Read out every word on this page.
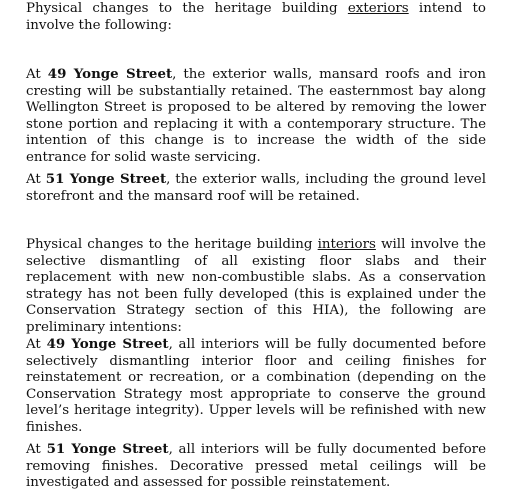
Physical changes to the heritage building exteriors intend to involve the following:

At 49 Yonge Street, the exterior walls, mansard roofs and iron cresting will be substantially retained. The easternmost bay along Wellington Street is proposed to be altered by removing the lower stone portion and replacing it with a contemporary structure. The intention of this change is to increase the width of the side entrance for solid waste servicing.

At 51 Yonge Street, the exterior walls, including the ground level storefront and the mansard roof will be retained.

Physical changes to the heritage building interiors will involve the selective dismantling of all existing floor slabs and their replacement with new non-combustible slabs. As a conservation strategy has not been fully developed (this is explained under the Conservation Strategy section of this HIA), the following are preliminary intentions:

At 49 Yonge Street, all interiors will be fully documented before selectively dismantling interior floor and ceiling finishes for reinstatement or recreation, or a combination (depending on the Conservation Strategy most appropriate to conserve the ground level’s heritage integrity). Upper levels will be refinished with new finishes.

At 51 Yonge Street, all interiors will be fully documented before removing finishes. Decorative pressed metal ceilings will be investigated and assessed for possible reinstatement.
